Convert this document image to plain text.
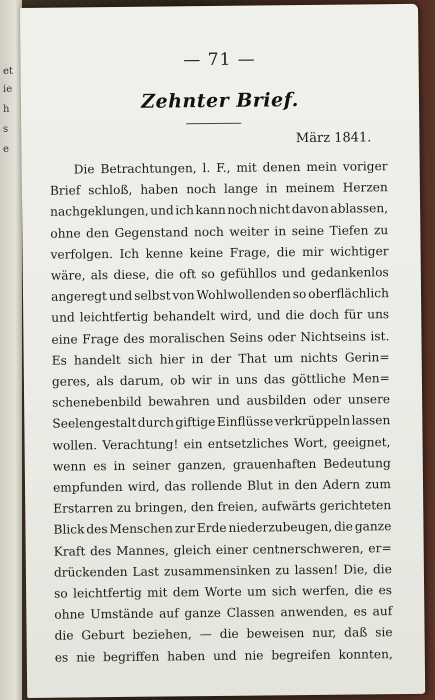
et
ie
h
s
e
— 71 —
Zehnter Brief.
März 1841.
Die Betrachtungen, l. F., mit denen mein voriger
Brief schloß, haben noch lange in meinem Herzen
nachgeklungen, und ich kann noch nicht davon ablassen,
ohne den Gegenstand noch weiter in seine Tiefen zu
verfolgen. Ich kenne keine Frage, die mir wichtiger
wäre, als diese, die oft so gefühllos und gedankenlos
angeregt und selbst von Wohlwollenden so oberflächlich
und leichtfertig behandelt wird, und die doch für uns
eine Frage des moralischen Seins oder Nichtseins ist.
Es handelt sich hier in der That um nichts Gerin=
geres, als darum, ob wir in uns das göttliche Men=
schenebenbild bewahren und ausbilden oder unsere
Seelengestalt durch giftige Einflüsse verkrüppeln lassen
wollen. Verachtung! ein entsetzliches Wort, geeignet,
wenn es in seiner ganzen, grauenhaften Bedeutung
empfunden wird, das rollende Blut in den Adern zum
Erstarren zu bringen, den freien, aufwärts gerichteten
Blick des Menschen zur Erde niederzubeugen, die ganze
Kraft des Mannes, gleich einer centnerschweren, er=
drückenden Last zusammensinken zu lassen! Die, die
so leichtfertig mit dem Worte um sich werfen, die es
ohne Umstände auf ganze Classen anwenden, es auf
die Geburt beziehen, — die beweisen nur, daß sie
es nie begriffen haben und nie begreifen konnten,
